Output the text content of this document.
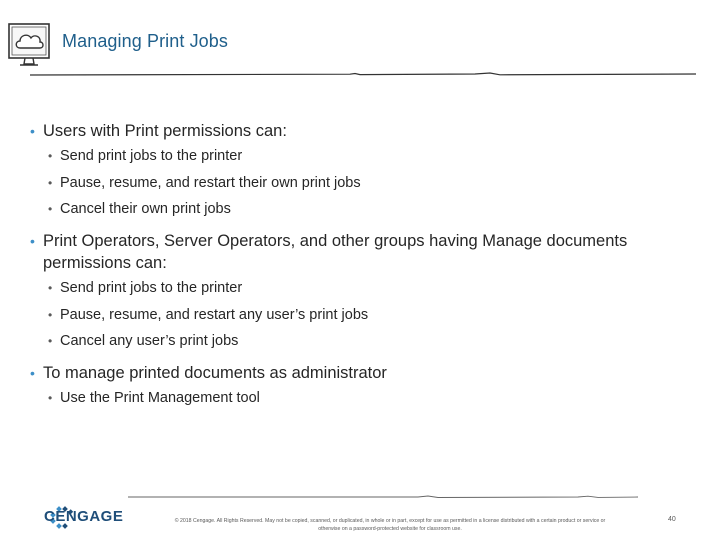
Managing Print Jobs

• Users with Print permissions can:

• Send print jobs to the printer

• Pause, resume, and restart their own print jobs

• Cancel their own print jobs

• Print Operators, Server Operators, and other groups having Manage documents
permissions can:

• Send print jobs to the printer

• Pause, resume, and restart any user’s print jobs

• Cancel any user’s print jobs

• To manage printed documents as administrator

• Use the Print Management tool

CENGAGE	© 2018 Cengage. All Rights Reserved. May not be copied, scanned, or duplicated, in whole or in part, except for use as permitted in a license distributed with a certain product or service or
otherwise on a password-protected website for classroom use.
40
